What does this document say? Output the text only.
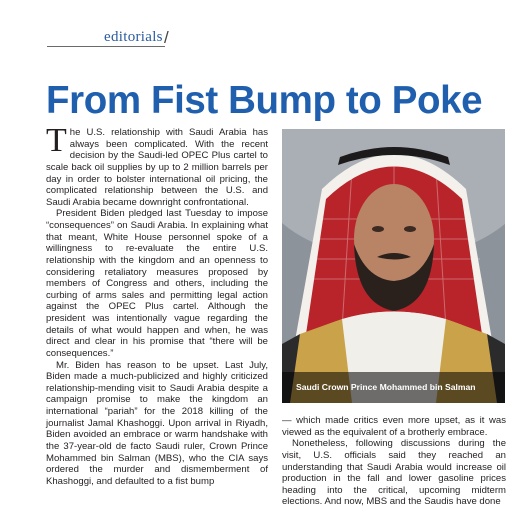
editorials /
From Fist Bump to Poke

The U.S. relationship with Saudi Arabia has always been complicated. With the recent decision by the Saudi-led OPEC Plus cartel to scale back oil supplies by up to 2 million barrels per day in order to bolster international oil pricing, the complicated relationship between the U.S. and Saudi Arabia became downright confrontational.

President Biden pledged last Tuesday to impose “consequences” on Saudi Arabia. In explaining what that meant, White House personnel spoke of a willingness to re-evaluate the entire U.S. relationship with the kingdom and an openness to considering retaliatory measures proposed by members of Congress and others, including the curbing of arms sales and permitting legal action against the OPEC Plus cartel. Although the president was intentionally vague regarding the details of what would happen and when, he was direct and clear in his promise that “there will be consequences.”

Mr. Biden has reason to be upset. Last July, Biden made a much-publicized and highly criticized relationship-mending visit to Saudi Arabia despite a campaign promise to make the kingdom an international “pariah” for the 2018 killing of the journalist Jamal Khashoggi. Upon arrival in Riyadh, Biden avoided an embrace or warm handshake with the 37-year-old de facto Saudi ruler, Crown Prince Mohammed bin Salman (MBS), who the CIA says ordered the murder and dismemberment of Khashoggi, and defaulted to a fist bump

Saudi Crown Prince Mohammed bin Salman

— which made critics even more upset, as it was viewed as the equivalent of a brotherly embrace.

Nonetheless, following discussions during the visit, U.S. officials said they reached an understanding that Saudi Arabia would increase oil production in the fall and lower gasoline prices heading into the critical, upcoming midterm elections. And now, MBS and the Saudis have done
